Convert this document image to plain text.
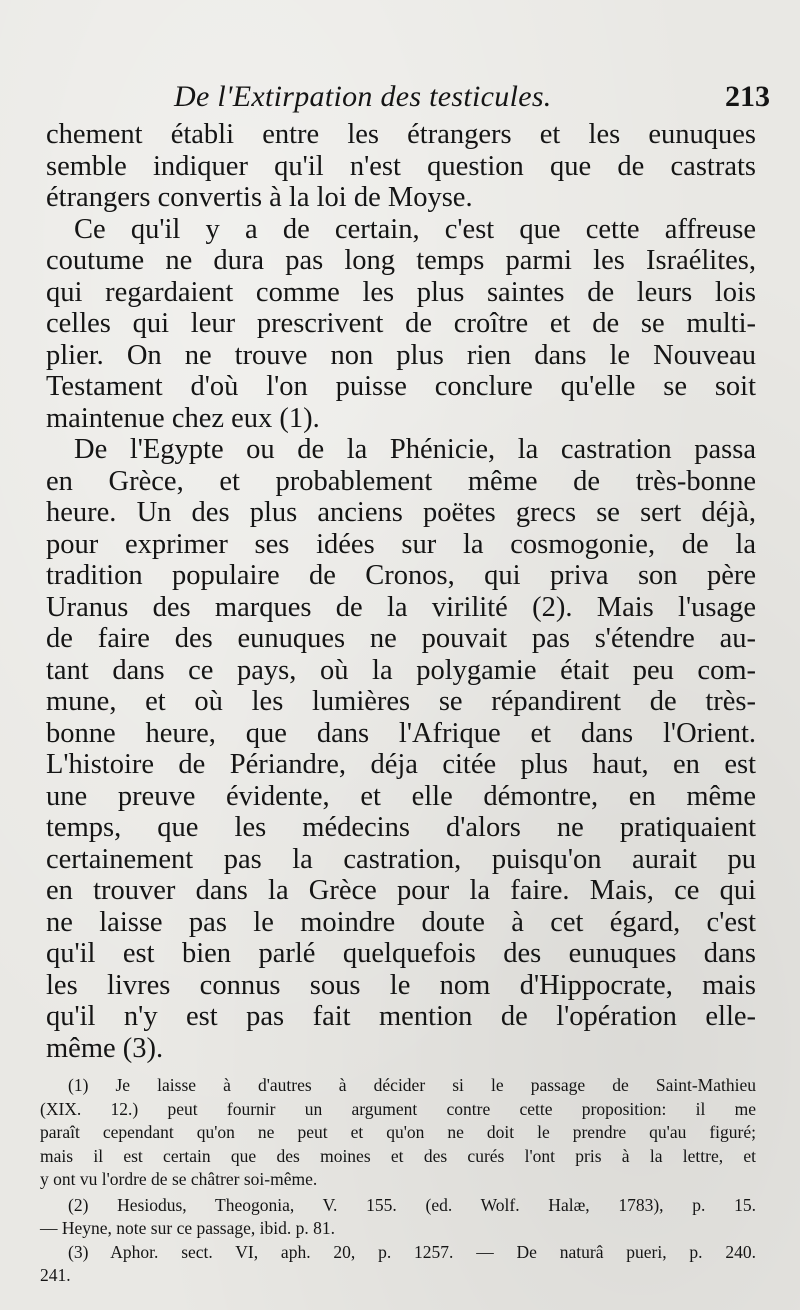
De l'Extirpation des testicules.	213
chement établi entre les étrangers et les eunuques
semble indiquer qu'il n'est question que de castrats
étrangers convertis à la loi de Moyse.
Ce qu'il y a de certain, c'est que cette affreuse
coutume ne dura pas long temps parmi les Israélites,
qui regardaient comme les plus saintes de leurs lois
celles qui leur prescrivent de croître et de se multi-
plier. On ne trouve non plus rien dans le Nouveau
Testament d'où l'on puisse conclure qu'elle se soit
maintenue chez eux (1).
De l'Egypte ou de la Phénicie, la castration passa
en Grèce, et probablement même de très-bonne
heure. Un des plus anciens poëtes grecs se sert déjà,
pour exprimer ses idées sur la cosmogonie, de la
tradition populaire de Cronos, qui priva son père
Uranus des marques de la virilité (2). Mais l'usage
de faire des eunuques ne pouvait pas s'étendre au-
tant dans ce pays, où la polygamie était peu com-
mune, et où les lumières se répandirent de très-
bonne heure, que dans l'Afrique et dans l'Orient.
L'histoire de Périandre, déja citée plus haut, en est
une preuve évidente, et elle démontre, en même
temps, que les médecins d'alors ne pratiquaient
certainement pas la castration, puisqu'on aurait pu
en trouver dans la Grèce pour la faire. Mais, ce qui
ne laisse pas le moindre doute à cet égard, c'est
qu'il est bien parlé quelquefois des eunuques dans
les livres connus sous le nom d'Hippocrate, mais
qu'il n'y est pas fait mention de l'opération elle-
même (3).
(1) Je laisse à d'autres à décider si le passage de Saint-Mathieu
(XIX. 12.) peut fournir un argument contre cette proposition: il me
paraît cependant qu'on ne peut et qu'on ne doit le prendre qu'au figuré;
mais il est certain que des moines et des curés l'ont pris à la lettre, et
y ont vu l'ordre de se châtrer soi-même.
(2) Hesiodus, Theogonia, V. 155. (ed. Wolf. Halæ, 1783), p. 15.
— Heyne, note sur ce passage, ibid. p. 81.
(3) Aphor. sect. VI, aph. 20, p. 1257. — De naturâ pueri, p. 240.
241.
